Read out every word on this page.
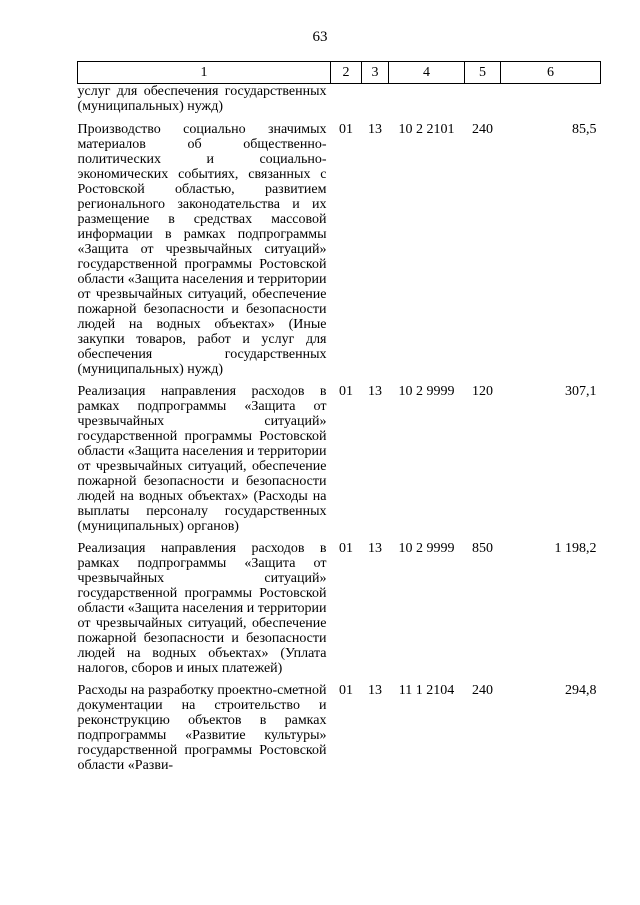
63
1	2	3	4	5	6
услуг для обеспечения государственных (муниципальных) нужд)					
Производство социально значимых материалов об общественно-политических и социально-экономических событиях, связанных с Ростовской областью, развитием регионального законодательства и их размещение в средствах массовой информации в рамках подпрограммы «Защита от чрезвычайных ситуаций» государственной программы Ростовской области «Защита населения и территории от чрезвычайных ситуаций, обеспечение пожарной безопасности и безопасности людей на водных объектах» (Иные закупки товаров, работ и услуг для обеспечения государственных (муниципальных) нужд)	01	13	10 2 2101	240	85,5
Реализация направления расходов в рамках подпрограммы «Защита от чрезвычайных ситуаций» государственной программы Ростовской области «Защита населения и территории от чрезвычайных ситуаций, обеспечение пожарной безопасности и безопасности людей на водных объектах» (Расходы на выплаты персоналу государственных (муниципальных) органов)	01	13	10 2 9999	120	307,1
Реализация направления расходов в рамках подпрограммы «Защита от чрезвычайных ситуаций» государственной программы Ростовской области «Защита населения и территории от чрезвычайных ситуаций, обеспечение пожарной безопасности и безопасности людей на водных объектах» (Уплата налогов, сборов и иных платежей)	01	13	10 2 9999	850	1 198,2
Расходы на разработку проектно-сметной документации на строительство и реконструкцию объектов в рамках подпрограммы «Развитие культуры» государственной программы Ростовской области «Разви-	01	13	11 1 2104	240	294,8
